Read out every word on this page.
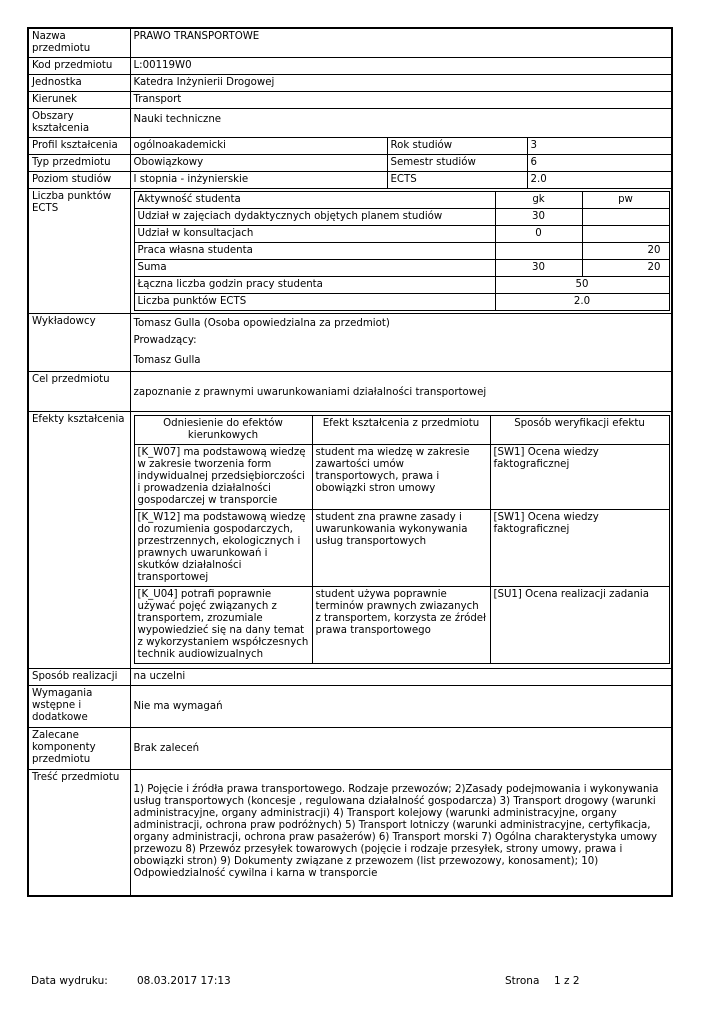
Nazwa przedmiotu	PRAWO TRANSPORTOWE
Kod przedmiotu	L:00119W0
Jednostka	Katedra Inżynierii Drogowej
Kierunek	Transport
Obszary kształcenia	Nauki techniczne
Profil kształcenia	ogólnoakademicki	Rok studiów	3
Typ przedmiotu	Obowiązkowy	Semestr studiów	6
Poziom studiów	I stopnia - inżynierskie	ECTS	2.0
Liczba punktów ECTS	
Aktywność studenta	gk	pw
Udział w zajęciach dydaktycznych objętych planem studiów	30	
Udział w konsultacjach	0	
Praca własna studenta		20
Suma	30	20
Łączna liczba godzin pracy studenta	50
Liczba punktów ECTS	2.0

Wykładowcy	Tomasz Gulla (Osoba opowiedzialna za przedmiot)

Prowadzący:

Tomasz Gulla

Cel przedmiotu	zapoznanie z prawnymi uwarunkowaniami działalności transportowej
Efekty kształcenia		Odniesienie do efektów kierunkowych	Efekt kształcenia z przedmiotu	Sposób weryfikacji efektu
[K_W07] ma podstawową wiedzę w zakresie tworzenia form indywidualnej przedsiębiorczości i prowadzenia działalności gospodarczej w transporcie	student ma wiedzę w zakresie zawartości umów transportowych, prawa i obowiązki stron umowy	[SW1] Ocena wiedzy faktograficznej
[K_W12] ma podstawową wiedzę do rozumienia gospodarczych, przestrzennych, ekologicznych i prawnych uwarunkowań i skutków działalności transportowej	student zna prawne zasady i uwarunkowania wykonywania usług transportowych	[SW1] Ocena wiedzy faktograficznej
[K_U04] potrafi poprawnie używać pojęć związanych z transportem, zrozumiale wypowiedzieć się na dany temat z wykorzystaniem współczesnych technik audiowizualnych	student używa poprawnie terminów prawnych zwiazanych z transportem, korzysta ze źródeł prawa transportowego	[SU1] Ocena realizacji zadania

Sposób realizacji	na uczelni
Wymagania wstępne i dodatkowe	Nie ma wymagań
Zalecane komponenty przedmiotu	Brak zaleceń
Treść przedmiotu	1) Pojęcie i źródła prawa transportowego. Rodzaje przewozów; 2)Zasady podejmowania i wykonywania usług transportowych (koncesje , regulowana działalność gospodarcza) 3) Transport drogowy (warunki administracyjne, organy administracji) 4) Transport kolejowy (warunki administracyjne, organy administracji, ochrona praw podróżnych) 5) Transport lotniczy (warunki administracyjne, certyfikacja, organy administracji, ochrona praw pasażerów) 6) Transport morski 7) Ogólna charakterystyka umowy przewozu 8) Przewóz przesyłek towarowych (pojęcie i rodzaje przesyłek, strony umowy, prawa i obowiązki stron) 9) Dokumenty związane z przewozem (list przewozowy, konosament); 10) Odpowiedzialność cywilna i karna w transporcie
Data wydruku:	08.03.2017 17:13	Strona 1 z 2
